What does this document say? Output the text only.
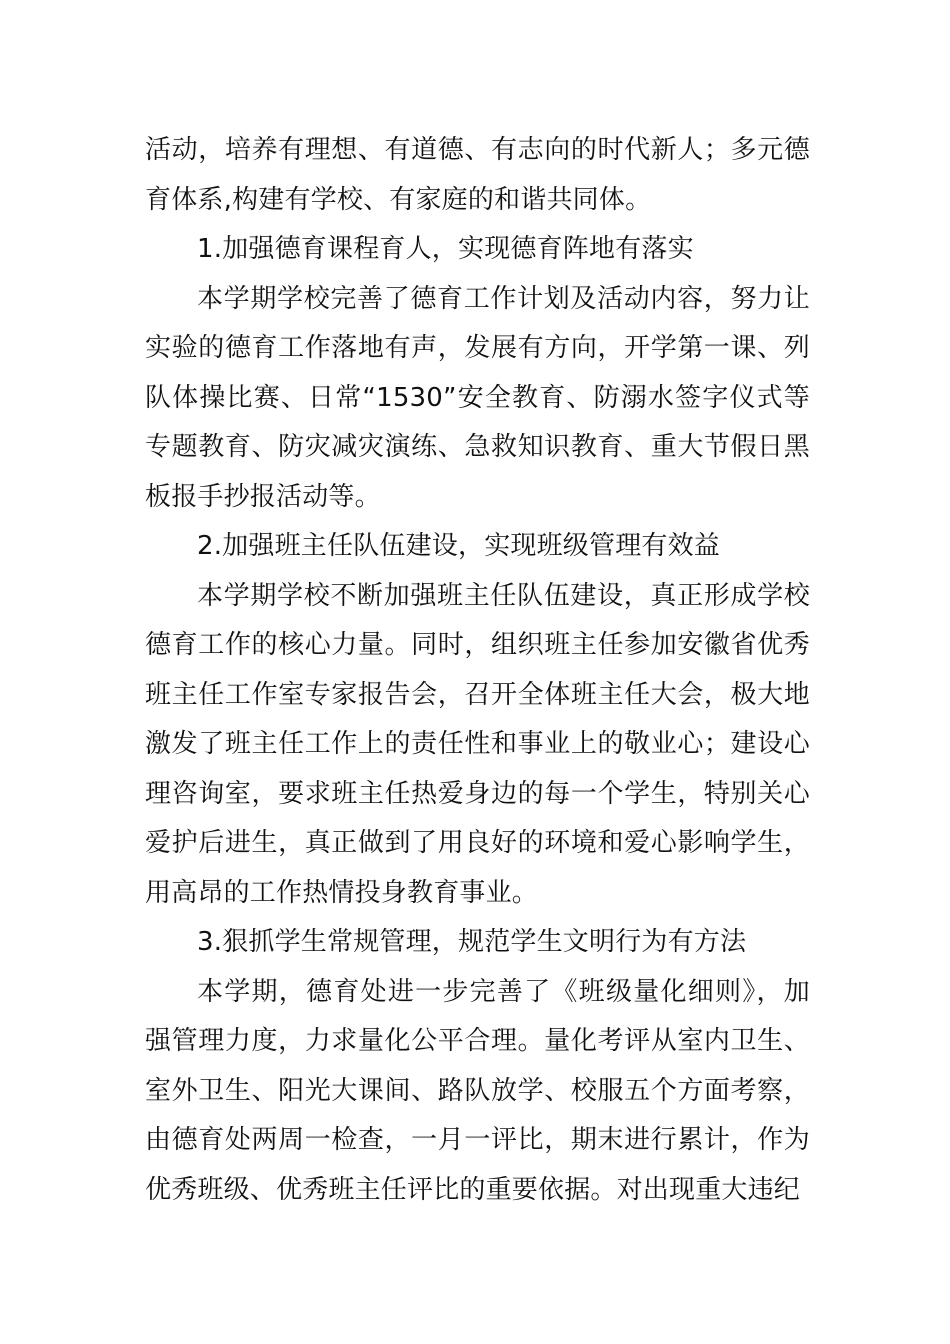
活动，培养有理想、有道德、有志向的时代新人；多元德育体系,构建有学校、有家庭的和谐共同体。

1.加强德育课程育人，实现德育阵地有落实

本学期学校完善了德育工作计划及活动内容，努力让实验的德育工作落地有声，发展有方向，开学第一课、列队体操比赛、日常“1530”安全教育、防溺水签字仪式等专题教育、防灾减灾演练、急救知识教育、重大节假日黑板报手抄报活动等。

2.加强班主任队伍建设，实现班级管理有效益

本学期学校不断加强班主任队伍建设，真正形成学校德育工作的核心力量。同时，组织班主任参加安徽省优秀班主任工作室专家报告会，召开全体班主任大会，极大地激发了班主任工作上的责任性和事业上的敬业心；建设心理咨询室，要求班主任热爱身边的每一个学生，特别关心爱护后进生，真正做到了用良好的环境和爱心影响学生，用高昂的工作热情投身教育事业。

3.狠抓学生常规管理，规范学生文明行为有方法

本学期，德育处进一步完善了《班级量化细则》，加强管理力度，力求量化公平合理。量化考评从室内卫生、室外卫生、阳光大课间、路队放学、校服五个方面考察，由德育处两周一检查，一月一评比，期末进行累计，作为优秀班级、优秀班主任评比的重要依据。对出现重大违纪
